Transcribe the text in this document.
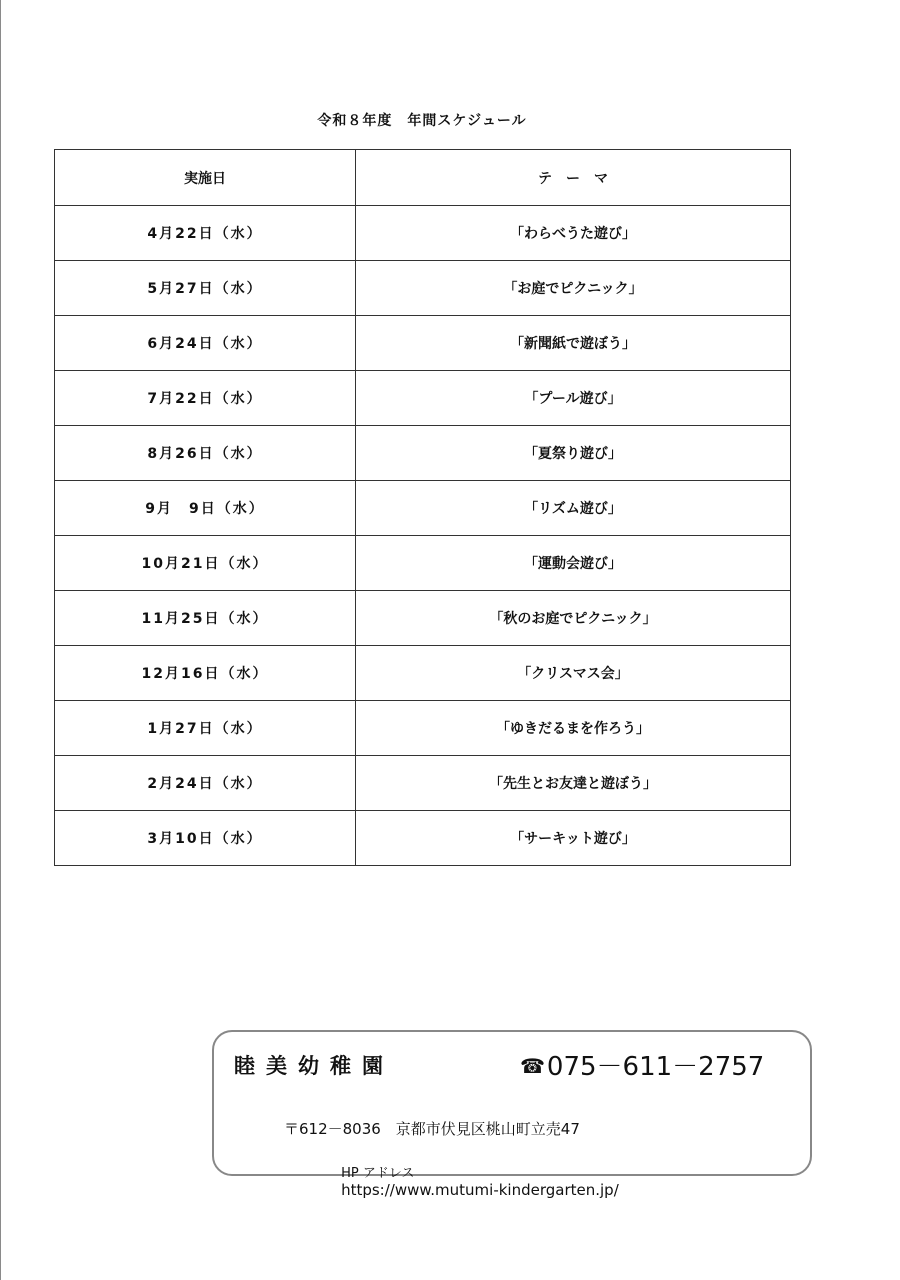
令和８年度　年間スケジュール
実施日	テ　ー　マ
4月22日（水）	「わらべうた遊び」
5月27日（水）	「お庭でピクニック」
6月24日（水）	「新聞紙で遊ぼう」
7月22日（水）	「プール遊び」
8月26日（水）	「夏祭り遊び」
9月　9日（水）	「リズム遊び」
10月21日（水）	「運動会遊び」
11月25日（水）	「秋のお庭でピクニック」
12月16日（水）	「クリスマス会」
1月27日（水）	「ゆきだるまを作ろう」
2月24日（水）	「先生とお友達と遊ぼう」
3月10日（水）	「サーキット遊び」
睦美幼稚園	☎ 075－611－2757
〒612－8036　京都市伏見区桃山町立売47

HP アドレス
https://www.mutumi-kindergarten.jp/
